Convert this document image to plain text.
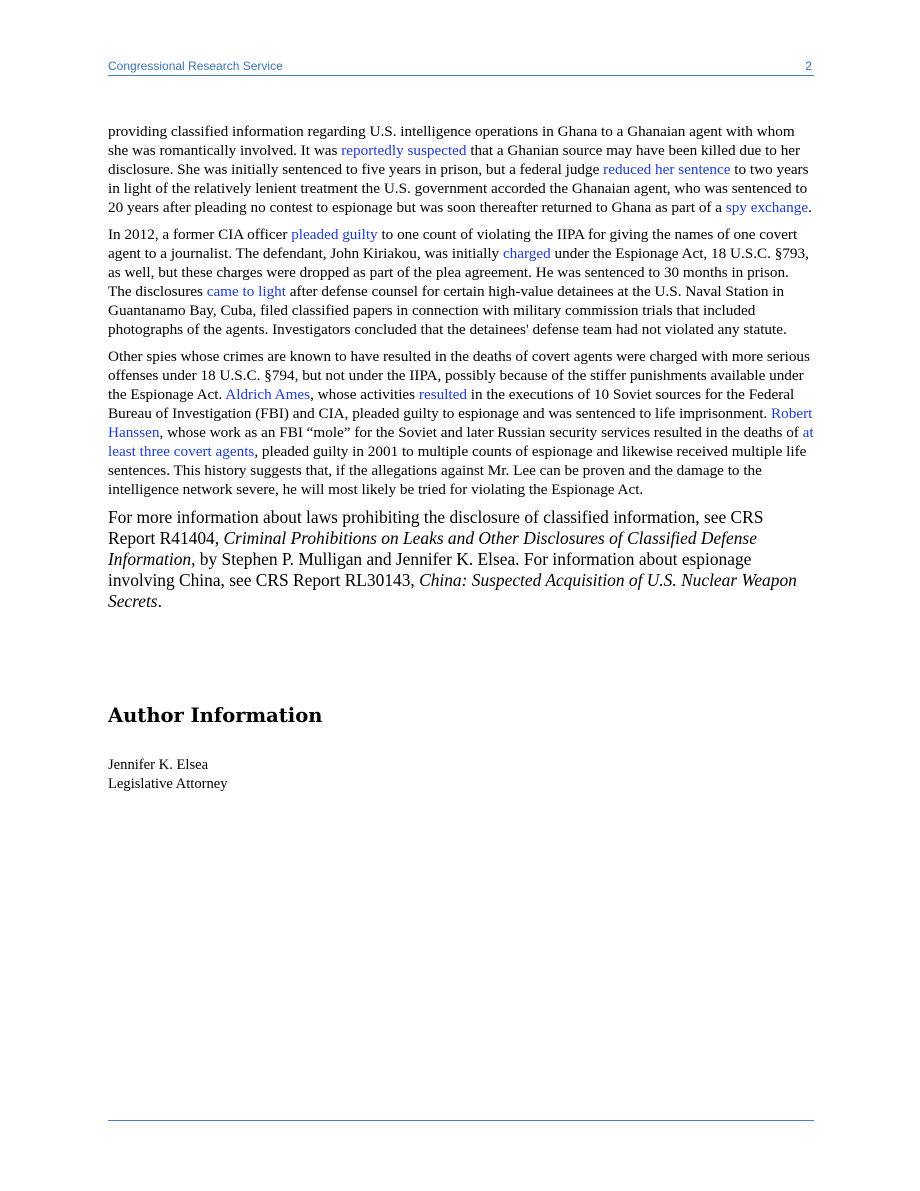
Congressional Research Service	2

providing classified information regarding U.S. intelligence operations in Ghana to a Ghanaian agent with whom she was romantically involved. It was reportedly suspected that a Ghanian source may have been killed due to her disclosure. She was initially sentenced to five years in prison, but a federal judge reduced her sentence to two years in light of the relatively lenient treatment the U.S. government accorded the Ghanaian agent, who was sentenced to 20 years after pleading no contest to espionage but was soon thereafter returned to Ghana as part of a spy exchange.

In 2012, a former CIA officer pleaded guilty to one count of violating the IIPA for giving the names of one covert agent to a journalist. The defendant, John Kiriakou, was initially charged under the Espionage Act, 18 U.S.C. §793, as well, but these charges were dropped as part of the plea agreement. He was sentenced to 30 months in prison. The disclosures came to light after defense counsel for certain high-value detainees at the U.S. Naval Station in Guantanamo Bay, Cuba, filed classified papers in connection with military commission trials that included photographs of the agents. Investigators concluded that the detainees' defense team had not violated any statute.

Other spies whose crimes are known to have resulted in the deaths of covert agents were charged with more serious offenses under 18 U.S.C. §794, but not under the IIPA, possibly because of the stiffer punishments available under the Espionage Act. Aldrich Ames, whose activities resulted in the executions of 10 Soviet sources for the Federal Bureau of Investigation (FBI) and CIA, pleaded guilty to espionage and was sentenced to life imprisonment. Robert Hanssen, whose work as an FBI “mole” for the Soviet and later Russian security services resulted in the deaths of at least three covert agents, pleaded guilty in 2001 to multiple counts of espionage and likewise received multiple life sentences. This history suggests that, if the allegations against Mr. Lee can be proven and the damage to the intelligence network severe, he will most likely be tried for violating the Espionage Act.

For more information about laws prohibiting the disclosure of classified information, see CRS Report R41404, Criminal Prohibitions on Leaks and Other Disclosures of Classified Defense Information, by Stephen P. Mulligan and Jennifer K. Elsea. For information about espionage involving China, see CRS Report RL30143, China: Suspected Acquisition of U.S. Nuclear Weapon Secrets.

Author Information
Jennifer K. Elsea
Legislative Attorney
